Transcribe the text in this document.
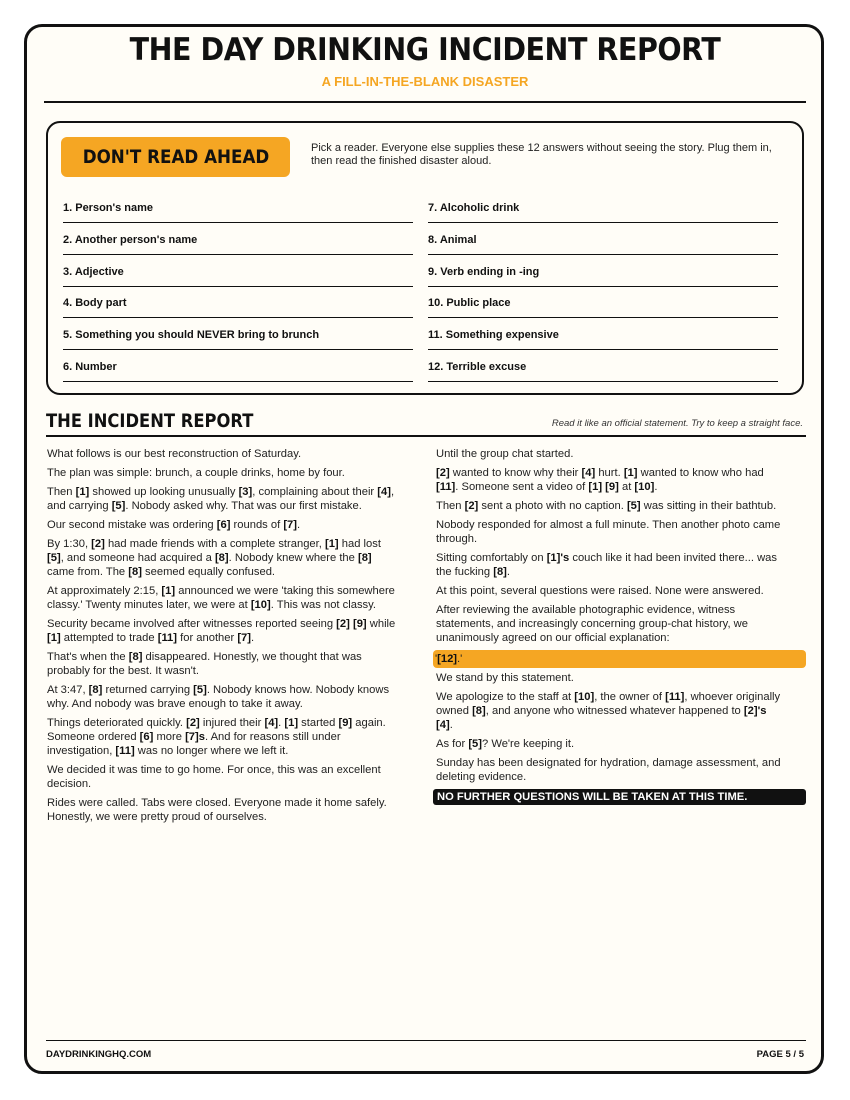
THE DAY DRINKING INCIDENT REPORT
A FILL-IN-THE-BLANK DISASTER
DON'T READ AHEAD	Pick a reader. Everyone else supplies these 12 answers without seeing the story. Plug them in, then read the finished disaster aloud.
1. Person's name
2. Another person's name
3. Adjective
4. Body part
5. Something you should NEVER bring to brunch
6. Number
7. Alcoholic drink
8. Animal
9. Verb ending in -ing
10. Public place
11. Something expensive
12. Terrible excuse
THE INCIDENT REPORT	Read it like an official statement. Try to keep a straight face.

What follows is our best reconstruction of Saturday.

The plan was simple: brunch, a couple drinks, home by four.

Then [1] showed up looking unusually [3], complaining about their [4], and carrying [5]. Nobody asked why. That was our first mistake.

Our second mistake was ordering [6] rounds of [7].

By 1:30, [2] had made friends with a complete stranger, [1] had lost [5], and someone had acquired a [8]. Nobody knew where the [8] came from. The [8] seemed equally confused.

At approximately 2:15, [1] announced we were 'taking this somewhere classy.' Twenty minutes later, we were at [10]. This was not classy.

Security became involved after witnesses reported seeing [2] [9] while [1] attempted to trade [11] for another [7].

That's when the [8] disappeared. Honestly, we thought that was probably for the best. It wasn't.

At 3:47, [8] returned carrying [5]. Nobody knows how. Nobody knows why. And nobody was brave enough to take it away.

Things deteriorated quickly. [2] injured their [4]. [1] started [9] again. Someone ordered [6] more [7]s. And for reasons still under investigation, [11] was no longer where we left it.

We decided it was time to go home. For once, this was an excellent decision.

Rides were called. Tabs were closed. Everyone made it home safely. Honestly, we were pretty proud of ourselves.

Until the group chat started.

[2] wanted to know why their [4] hurt. [1] wanted to know who had [11]. Someone sent a video of [1] [9] at [10].

Then [2] sent a photo with no caption. [5] was sitting in their bathtub.

Nobody responded for almost a full minute. Then another photo came through.

Sitting comfortably on [1]'s couch like it had been invited there... was the fucking [8].

At this point, several questions were raised. None were answered.

After reviewing the available photographic evidence, witness statements, and increasingly concerning group-chat history, we unanimously agreed on our official explanation:

'[12].'

We stand by this statement.

We apologize to the staff at [10], the owner of [11], whoever originally owned [8], and anyone who witnessed whatever happened to [2]'s [4].

As for [5]? We're keeping it.

Sunday has been designated for hydration, damage assessment, and deleting evidence.

NO FURTHER QUESTIONS WILL BE TAKEN AT THIS TIME.

DAYDRINKINGHQ.COM	PAGE 5 / 5
